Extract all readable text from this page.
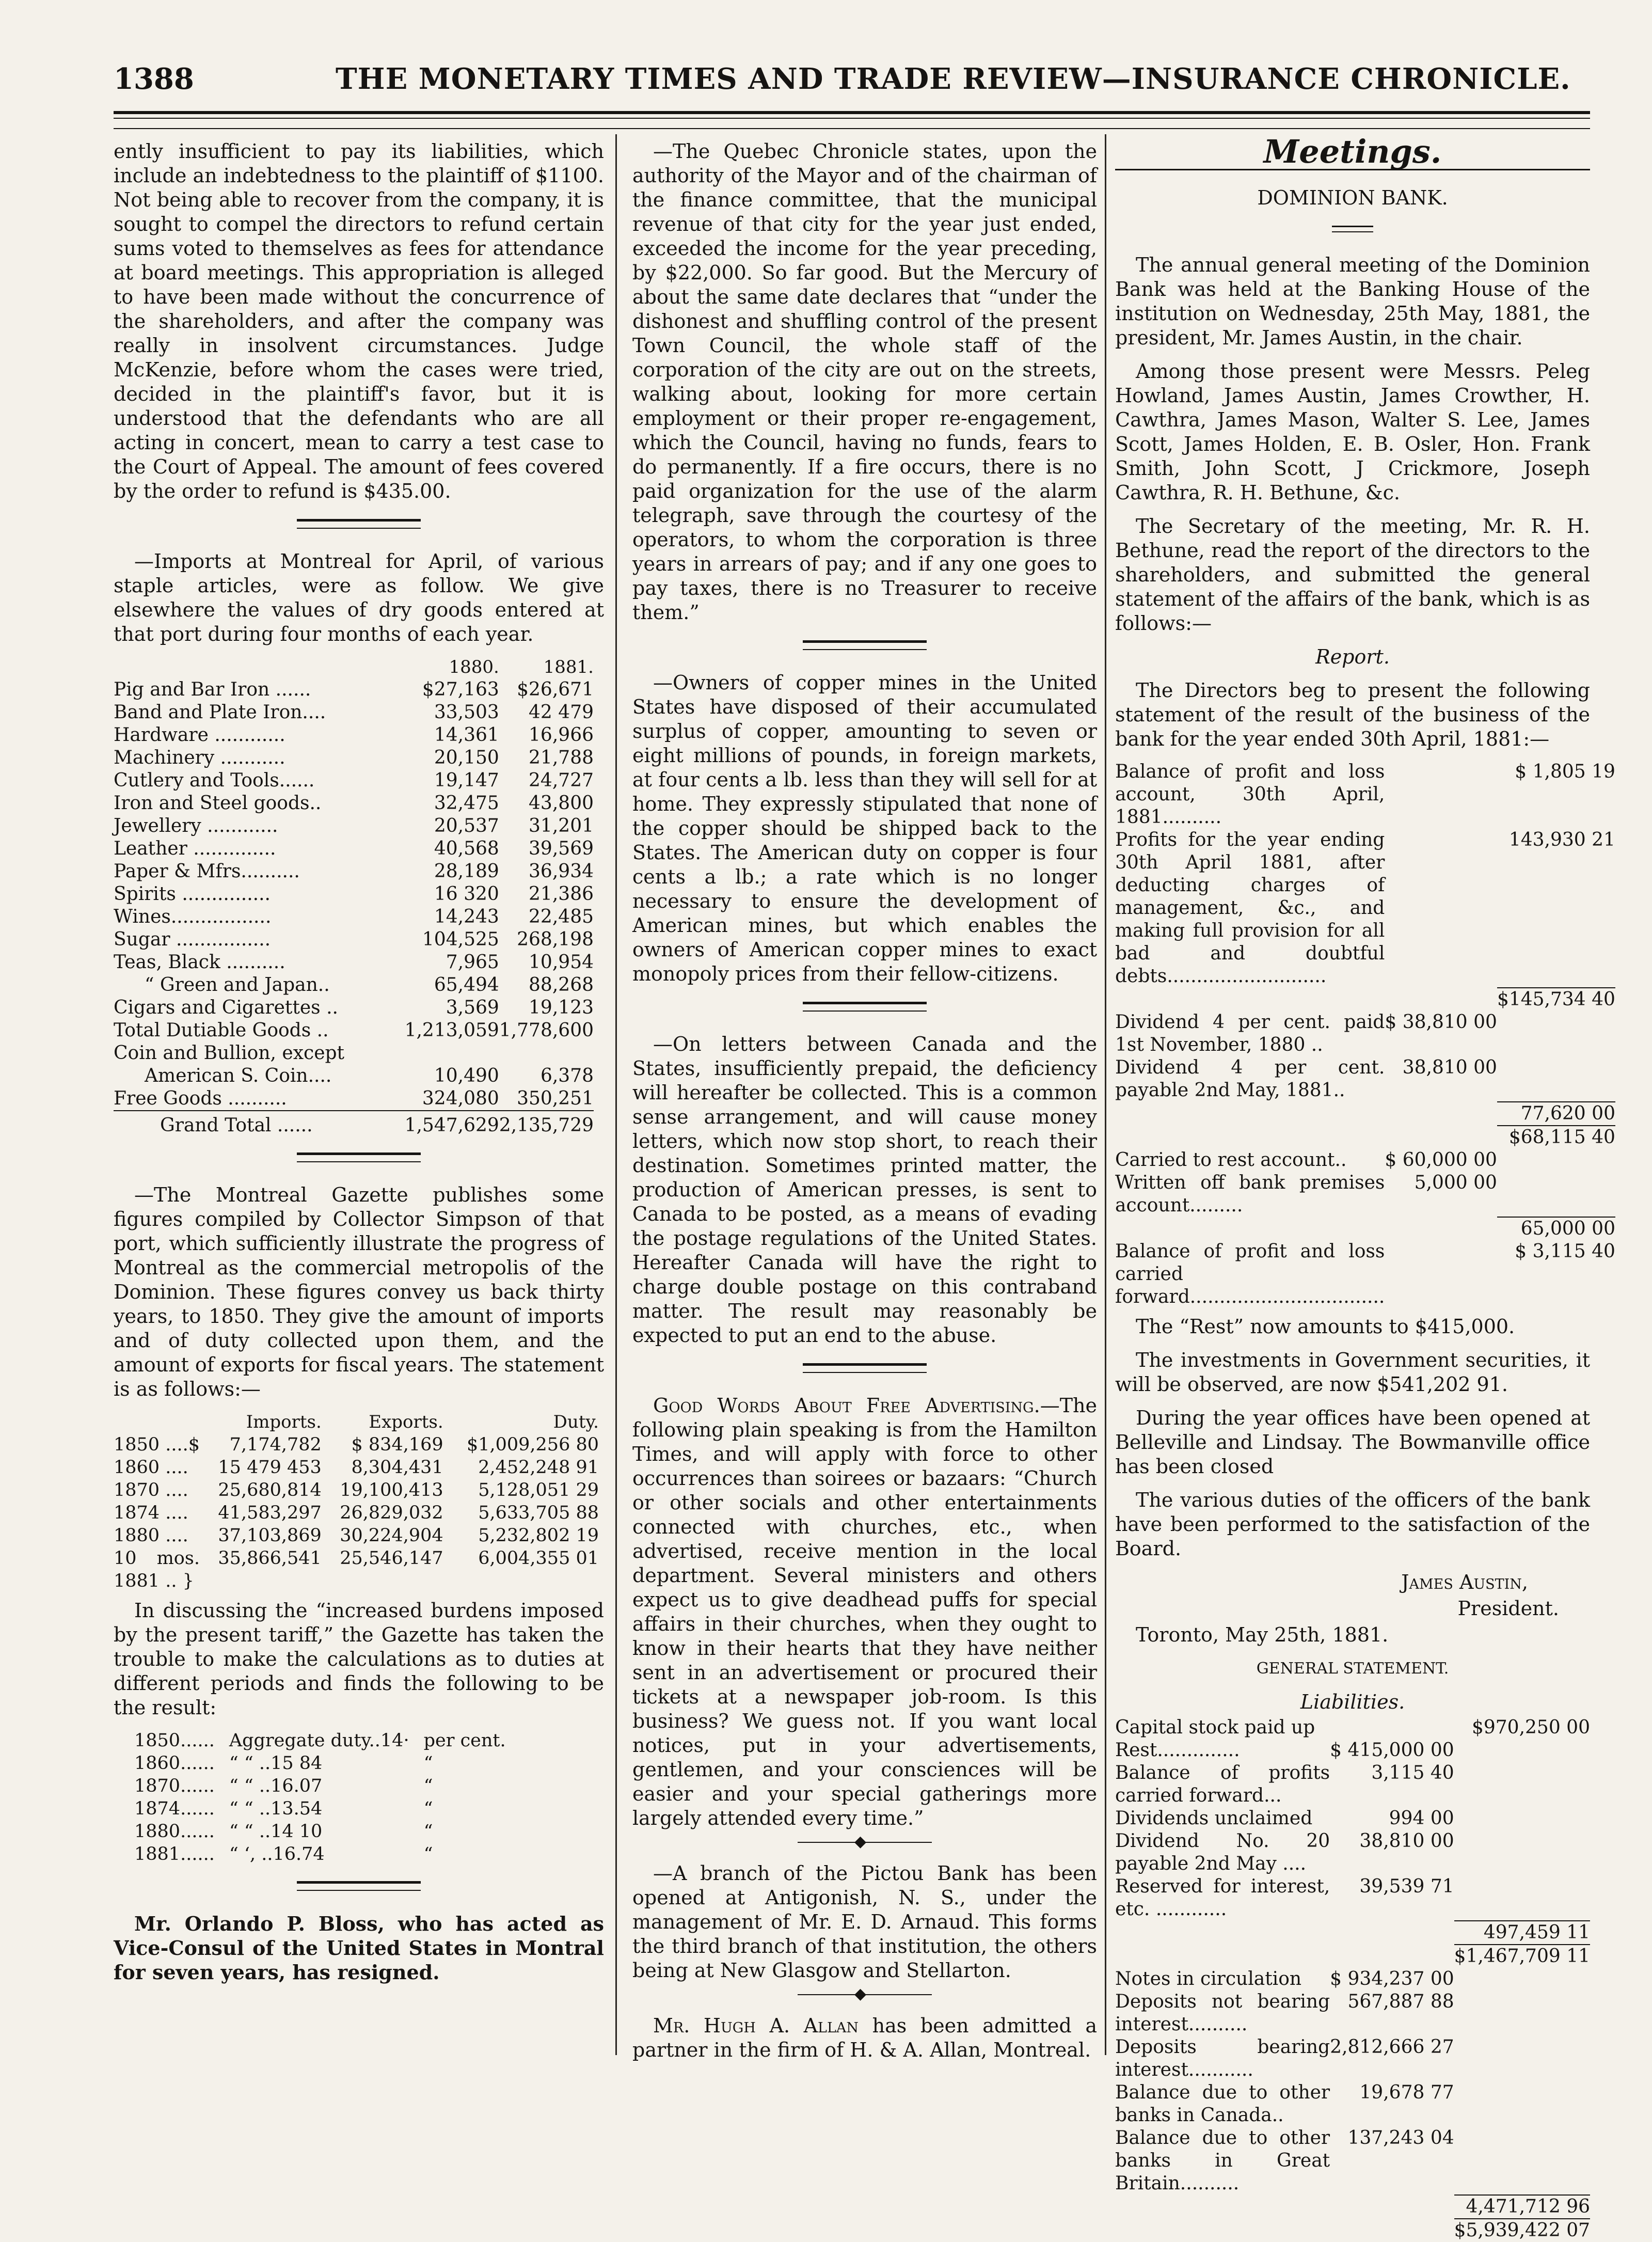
1388	THE MONETARY TIMES AND TRADE REVIEW—INSURANCE CHRONICLE.

ently insufficient to pay its liabilities, which include an indebtedness to the plaintiff of $1100. Not being able to recover from the company, it is sought to compel the directors to refund certain sums voted to themselves as fees for attendance at board meetings. This appropriation is alleged to have been made without the concurrence of the shareholders, and after the company was really in insolvent circumstances. Judge McKenzie, before whom the cases were tried, decided in the plaintiff's favor, but it is understood that the defendants who are all acting in concert, mean to carry a test case to the Court of Appeal. The amount of fees covered by the order to refund is $435.00.

—Imports at Montreal for April, of various staple articles, were as follow. We give elsewhere the values of dry goods entered at that port during four months of each year.

	1880.	1881.
Pig and Bar Iron ......	$27,163	$26,671
Band and Plate Iron....	33,503	42 479
Hardware ............	14,361	16,966
Machinery ...........	20,150	21,788
Cutlery and Tools......	19,147	24,727
Iron and Steel goods..	32,475	43,800
Jewellery ............	20,537	31,201
Leather ..............	40,568	39,569
Paper & Mfrs..........	28,189	36,934
Spirits ...............	16 320	21,386
Wines.................	14,243	22,485
Sugar ................	104,525	268,198
Teas, Black ..........	7,965	10,954
“ Green and Japan..	65,494	88,268
Cigars and Cigarettes ..	3,569	19,123
Total Dutiable Goods ..	1,213,059	1,778,600
Coin and Bullion, except		
American S. Coin....	10,490	6,378
Free Goods ..........	324,080	350,251
Grand Total ......	1,547,629	2,135,729

—The Montreal Gazette publishes some figures compiled by Collector Simpson of that port, which sufficiently illustrate the progress of Montreal as the commercial metropolis of the Dominion. These figures convey us back thirty years, to 1850. They give the amount of imports and of duty collected upon them, and the amount of exports for fiscal years. The statement is as follows:—

	Imports.	Exports.	Duty.
1850 ....$	7,174,782	$ 834,169	$1,009,256 80
1860 ....	15 479 453	8,304,431	2,452,248 91
1870 ....	25,680,814	19,100,413	5,128,051 29
1874 ....	41,583,297	26,829,032	5,633,705 88
1880 ....	37,103,869	30,224,904	5,232,802 19
10 mos. 1881 .. }	35,866,541	25,546,147	6,004,355 01

In discussing the “increased burdens imposed by the present tariff,” the Gazette has taken the trouble to make the calculations as to duties at different periods and finds the following to be the result:

1850......	Aggregate duty..14·	per cent.
1860......	“ “ ..15 84	“
1870......	“ “ ..16.07	“
1874......	“ “ ..13.54	“
1880......	“ “ ..14 10	“
1881......	“ ‘, ..16.74	“

Mr. Orlando P. Bloss, who has acted as Vice-Consul of the United States in Montral for seven years, has resigned.

—The Quebec Chronicle states, upon the authority of the Mayor and of the chairman of the finance committee, that the municipal revenue of that city for the year just ended, exceeded the income for the year preceding, by $22,000. So far good. But the Mercury of about the same date declares that “under the dishonest and shuffling control of the present Town Council, the whole staff of the corporation of the city are out on the streets, walking about, looking for more certain employment or their proper re-engagement, which the Council, having no funds, fears to do permanently. If a fire occurs, there is no paid organization for the use of the alarm telegraph, save through the courtesy of the operators, to whom the corporation is three years in arrears of pay; and if any one goes to pay taxes, there is no Treasurer to receive them.”

—Owners of copper mines in the United States have disposed of their accumulated surplus of copper, amounting to seven or eight millions of pounds, in foreign markets, at four cents a lb. less than they will sell for at home. They expressly stipulated that none of the copper should be shipped back to the States. The American duty on copper is four cents a lb.; a rate which is no longer necessary to ensure the development of American mines, but which enables the owners of American copper mines to exact monopoly prices from their fellow-citizens.

—On letters between Canada and the States, insufficiently prepaid, the deficiency will hereafter be collected. This is a common sense arrangement, and will cause money letters, which now stop short, to reach their destination. Sometimes printed matter, the production of American presses, is sent to Canada to be posted, as a means of evading the postage regulations of the United States. Hereafter Canada will have the right to charge double postage on this contraband matter. The result may reasonably be expected to put an end to the abuse.

Good Words About Free Advertising.—The following plain speaking is from the Hamilton Times, and will apply with force to other occurrences than soirees or bazaars: “Church or other socials and other entertainments connected with churches, etc., when advertised, receive mention in the local department. Several ministers and others expect us to give deadhead puffs for special affairs in their churches, when they ought to know in their hearts that they have neither sent in an advertisement or procured their tickets at a newspaper job-room. Is this business? We guess not. If you want local notices, put in your advertisements, gentlemen, and your consciences will be easier and your special gatherings more largely attended every time.”

◆

—A branch of the Pictou Bank has been opened at Antigonish, N. S., under the management of Mr. E. D. Arnaud. This forms the third branch of that institution, the others being at New Glasgow and Stellarton.

◆

Mr. Hugh A. Allan has been admitted a partner in the firm of H. & A. Allan, Montreal.

Meetings.

DOMINION BANK.

The annual general meeting of the Dominion Bank was held at the Banking House of the institution on Wednesday, 25th May, 1881, the president, Mr. James Austin, in the chair.

Among those present were Messrs. Peleg Howland, James Austin, James Crowther, H. Cawthra, James Mason, Walter S. Lee, James Scott, James Holden, E. B. Osler, Hon. Frank Smith, John Scott, J Crickmore, Joseph Cawthra, R. H. Bethune, &c.

The Secretary of the meeting, Mr. R. H. Bethune, read the report of the directors to the shareholders, and submitted the general statement of the affairs of the bank, which is as follows:—

Report.

The Directors beg to present the following statement of the result of the business of the bank for the year ended 30th April, 1881:—

Balance of profit and loss account, 30th April, 1881..........		$ 1,805 19
Profits for the year ending 30th April 1881, after deducting charges of management, &c., and making full provision for all bad and doubtful debts...........................		143,930 21
		$145,734 40
Dividend 4 per cent. paid 1st November, 1880 ..	$ 38,810 00	
Dividend 4 per cent. payable 2nd May, 1881..	38,810 00	
		77,620 00
		$68,115 40
Carried to rest account..	$ 60,000 00	
Written off bank premises account.........	5,000 00	
		65,000 00
Balance of profit and loss carried forward.................................		$ 3,115 40

The “Rest” now amounts to $415,000.

The investments in Government securities, it will be observed, are now $541,202 91.

During the year offices have been opened at Belleville and Lindsay. The Bowmanville office has been closed

The various duties of the officers of the bank have been performed to the satisfaction of the Board.

James Austin,

President.

Toronto, May 25th, 1881.

GENERAL STATEMENT.

Liabilities.

Capital stock paid up		$970,250 00
Rest..............	$ 415,000 00	
Balance of profits carried forward...	3,115 40	
Dividends unclaimed	994 00	
Dividend No. 20 payable 2nd May ....	38,810 00	
Reserved for interest, etc. ............	39,539 71	
		497,459 11
		$1,467,709 11
Notes in circulation	$ 934,237 00	
Deposits not bearing interest..........	567,887 88	
Deposits bearing interest...........	2,812,666 27	
Balance due to other banks in Canada..	19,678 77	
Balance due to other banks in Great Britain..........	137,243 04	
		4,471,712 96
		$5,939,422 07
